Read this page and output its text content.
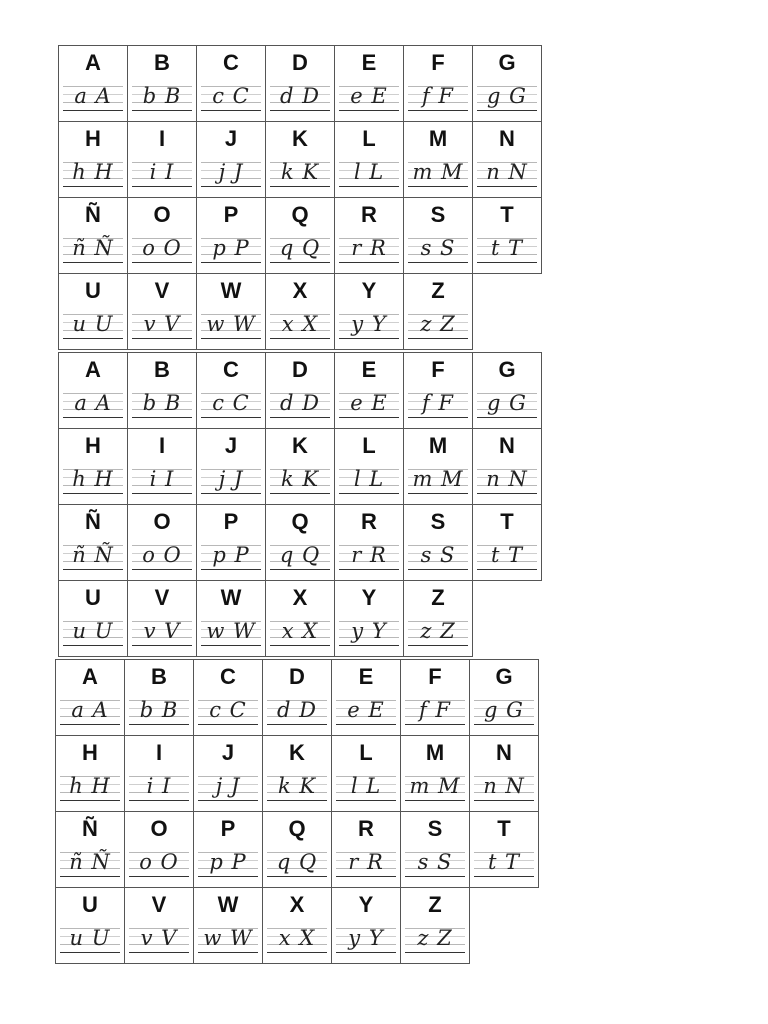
A
a A
B
b B
C
c C
D
d D
E
e E
F
f F
G
g G
H
h H
I
i I
J
j J
K
k K
L
l L
M
m M
N
n N
Ñ
ñ Ñ
O
o O
P
p P
Q
q Q
R
r R
S
s S
T
t T
U
u U
V
v V
W
w W
X
x X
Y
y Y
Z
z Z
A
a A
B
b B
C
c C
D
d D
E
e E
F
f F
G
g G
H
h H
I
i I
J
j J
K
k K
L
l L
M
m M
N
n N
Ñ
ñ Ñ
O
o O
P
p P
Q
q Q
R
r R
S
s S
T
t T
U
u U
V
v V
W
w W
X
x X
Y
y Y
Z
z Z
A
a A
B
b B
C
c C
D
d D
E
e E
F
f F
G
g G
H
h H
I
i I
J
j J
K
k K
L
l L
M
m M
N
n N
Ñ
ñ Ñ
O
o O
P
p P
Q
q Q
R
r R
S
s S
T
t T
U
u U
V
v V
W
w W
X
x X
Y
y Y
Z
z Z
